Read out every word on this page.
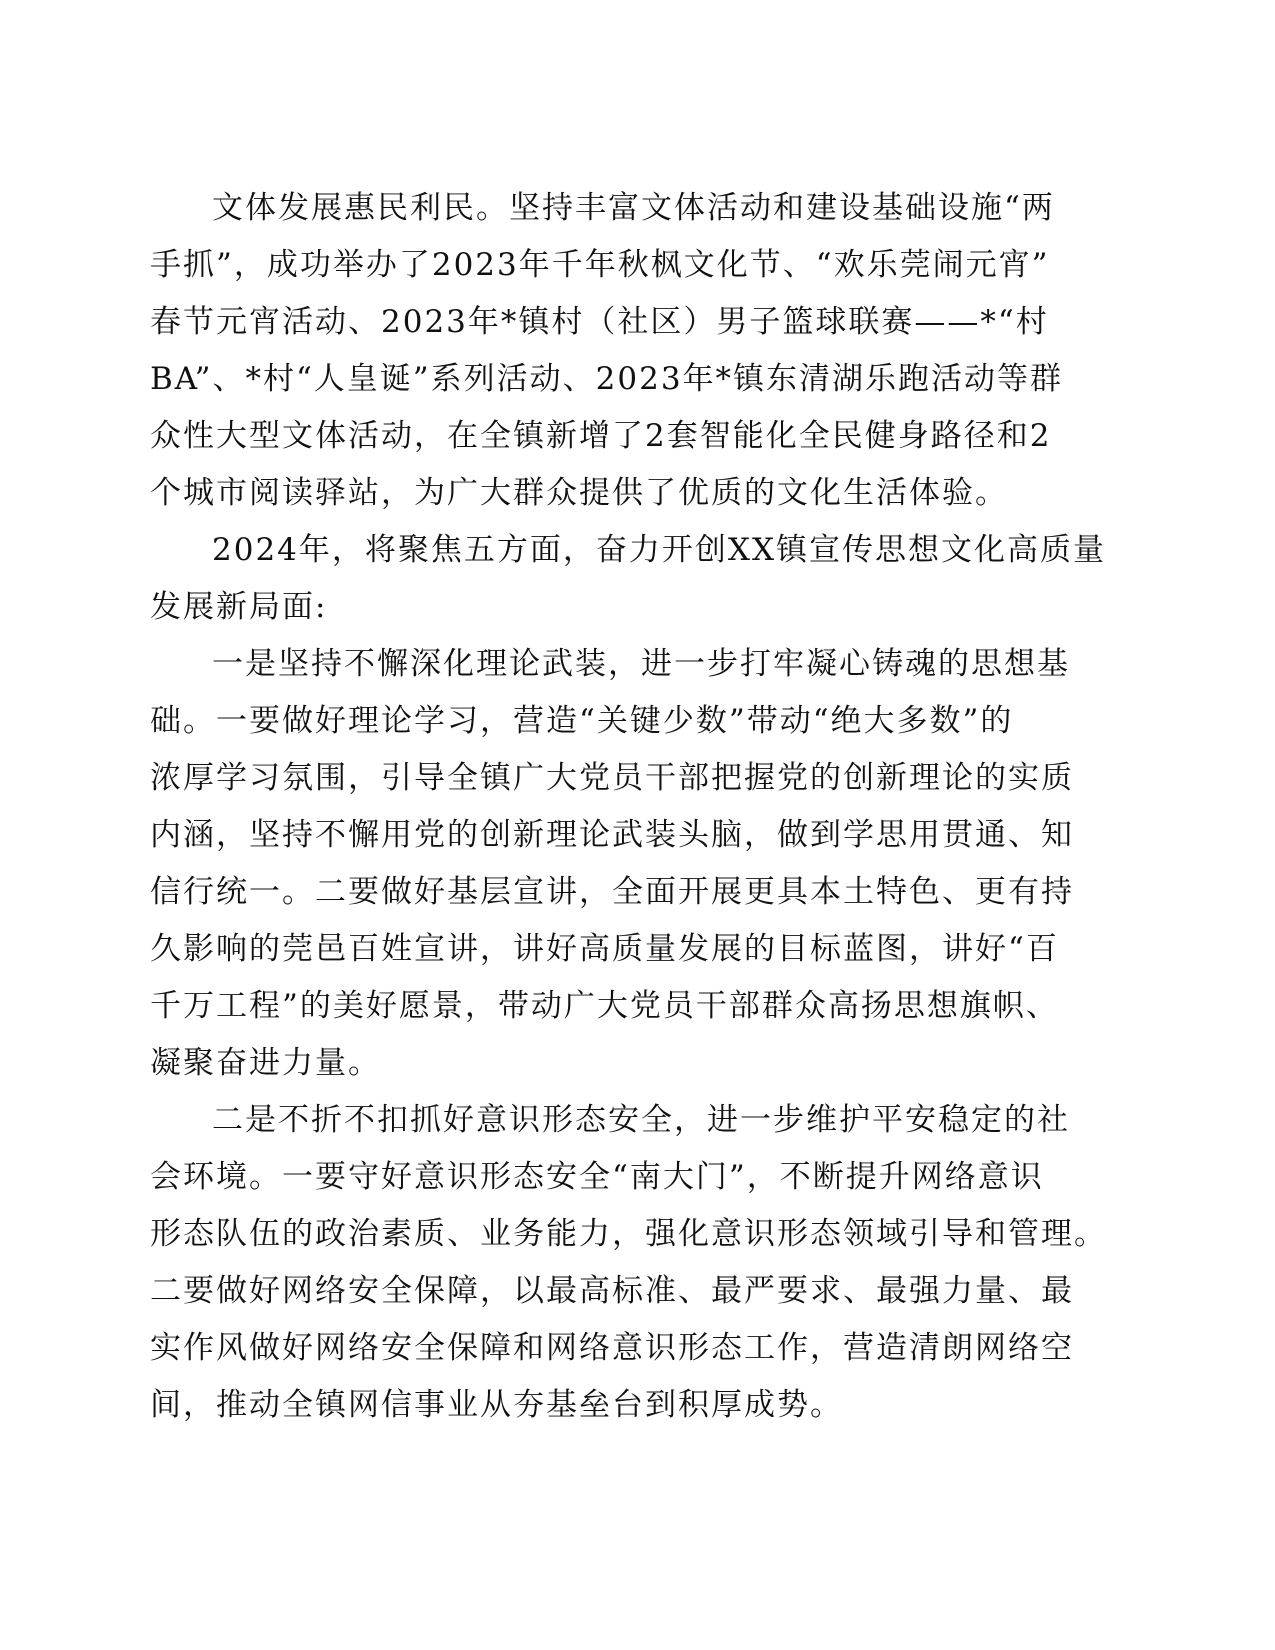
文体发展惠民利民。坚持丰富文体活动和建设基础设施“两
手抓”，成功举办了2023年千年秋枫文化节、“欢乐莞闹元宵”
春节元宵活动、2023年*镇村（社区）男子篮球联赛——*“村
BA”、*村“人皇诞”系列活动、2023年*镇东清湖乐跑活动等群
众性大型文体活动，在全镇新增了2套智能化全民健身路径和2
个城市阅读驿站，为广大群众提供了优质的文化生活体验。
2024年，将聚焦五方面，奋力开创XX镇宣传思想文化高质量
发展新局面:
一是坚持不懈深化理论武装，进一步打牢凝心铸魂的思想基
础。一要做好理论学习，营造“关键少数”带动“绝大多数”的
浓厚学习氛围，引导全镇广大党员干部把握党的创新理论的实质
内涵，坚持不懈用党的创新理论武装头脑，做到学思用贯通、知
信行统一。二要做好基层宣讲，全面开展更具本土特色、更有持
久影响的莞邑百姓宣讲，讲好高质量发展的目标蓝图，讲好“百
千万工程”的美好愿景，带动广大党员干部群众高扬思想旗帜、
凝聚奋进力量。
二是不折不扣抓好意识形态安全，进一步维护平安稳定的社
会环境。一要守好意识形态安全“南大门”，不断提升网络意识
形态队伍的政治素质、业务能力，强化意识形态领域引导和管理。
二要做好网络安全保障，以最高标准、最严要求、最强力量、最
实作风做好网络安全保障和网络意识形态工作，营造清朗网络空
间，推动全镇网信事业从夯基垒台到积厚成势。
